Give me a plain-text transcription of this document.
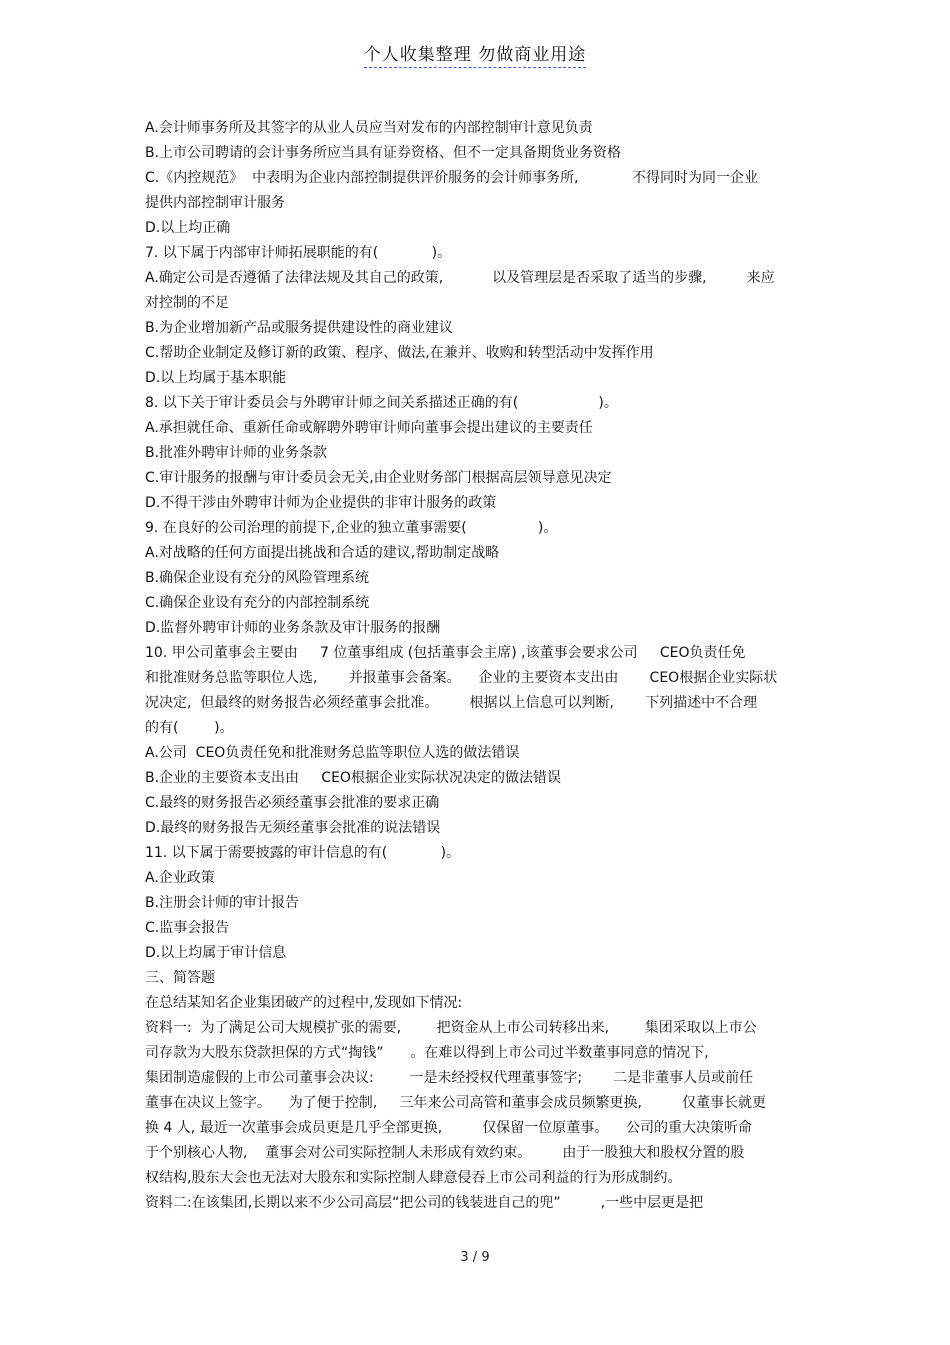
个人收集整理 勿做商业用途
A.会计师事务所及其签字的从业人员应当对发布的内部控制审计意见负责
B.上市公司聘请的会计事务所应当具有证券资格、但不一定具备期货业务资格
C.《内控规范》  中表明为企业内部控制提供评价服务的会计师事务所,            不得同时为同一企业
提供内部控制审计服务
D.以上均正确
7. 以下属于内部审计师拓展职能的有(            )。
A.确定公司是否遵循了法律法规及其自己的政策,           以及管理层是否采取了适当的步骤,         来应
对控制的不足
B.为企业增加新产品或服务提供建设性的商业建议
C.帮助企业制定及修订新的政策、程序、做法,在兼并、收购和转型活动中发挥作用
D.以上均属于基本职能
8. 以下关于审计委员会与外聘审计师之间关系描述正确的有(                  )。
A.承担就任命、重新任命或解聘外聘审计师向董事会提出建议的主要责任
B.批准外聘审计师的业务条款
C.审计服务的报酬与审计委员会无关,由企业财务部门根据高层领导意见决定
D.不得干涉由外聘审计师为企业提供的非审计服务的政策
9. 在良好的公司治理的前提下,企业的独立董事需要(                )。
A.对战略的任何方面提出挑战和合适的建议,帮助制定战略
B.确保企业设有充分的风险管理系统
C.确保企业设有充分的内部控制系统
D.监督外聘审计师的业务条款及审计服务的报酬
10. 甲公司董事会主要由     7 位董事组成 (包括董事会主席) ,该董事会要求公司     CEO负责任免
和批准财务总监等职位人选,       并报董事会备案。    企业的主要资本支出由       CEO根据企业实际状
况决定,  但最终的财务报告必须经董事会批准。       根据以上信息可以判断,       下列描述中不合理
的有(        )。
A.公司  CEO负责任免和批准财务总监等职位人选的做法错误
B.企业的主要资本支出由     CEO根据企业实际状况决定的做法错误
C.最终的财务报告必须经董事会批准的要求正确
D.最终的财务报告无须经董事会批准的说法错误
11. 以下属于需要披露的审计信息的有(            )。
A.企业政策
B.注册会计师的审计报告
C.监事会报告
D.以上均属于审计信息
三、简答题
在总结某知名企业集团破产的过程中,发现如下情况:
资料一:  为了满足公司大规模扩张的需要,        把资金从上市公司转移出来,        集团采取以上市公
司存款为大股东贷款担保的方式“掏钱”      。在难以得到上市公司过半数董事同意的情况下,
集团制造虚假的上市公司董事会决议:        一是未经授权代理董事签字;       二是非董事人员或前任
董事在决议上签字。    为了便于控制,     三年来公司高管和董事会成员频繁更换,         仅董事长就更
换 4 人, 最近一次董事会成员更是几乎全部更换,         仅保留一位原董事。    公司的重大决策听命
于个别核心人物,    董事会对公司实际控制人未形成有效约束。       由于一股独大和股权分置的股
权结构,股东大会也无法对大股东和实际控制人肆意侵吞上市公司利益的行为形成制约。
资料二:在该集团,长期以来不少公司高层“把公司的钱装进自己的兜”         ,一些中层更是把
3 / 9
